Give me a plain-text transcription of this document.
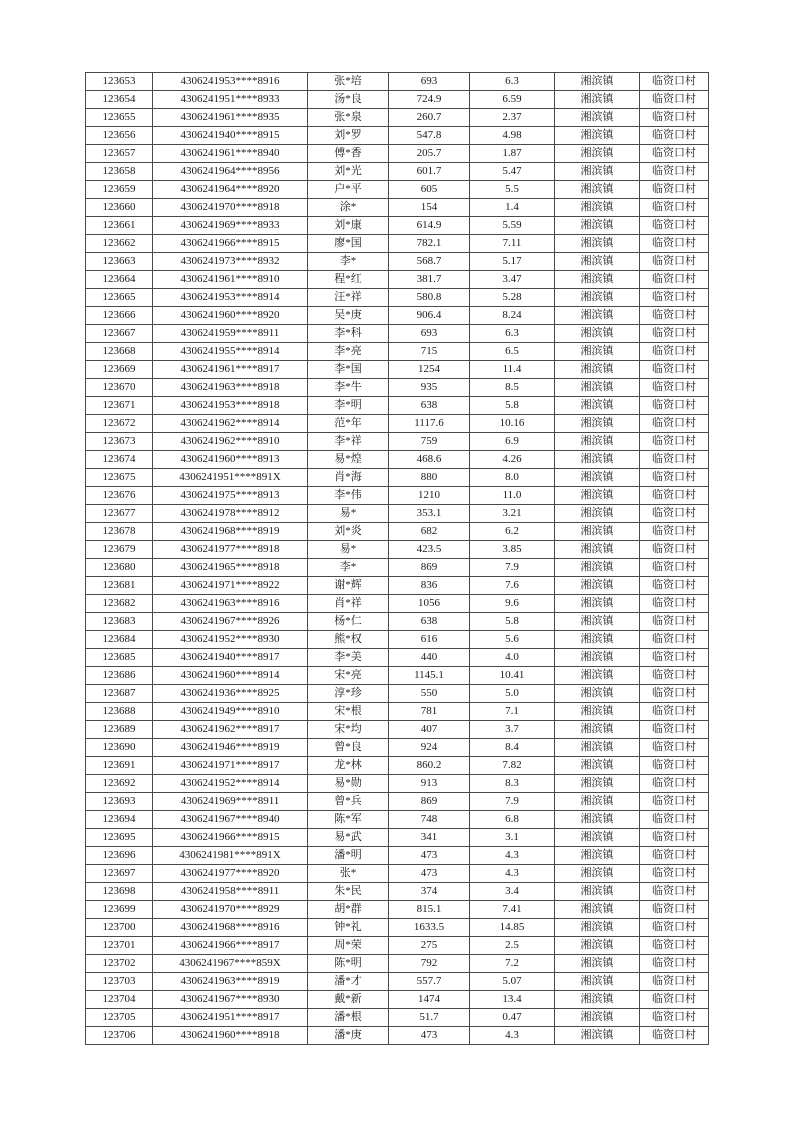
123653	4306241953****8916	张*培	693	6.3	湘滨镇	临资口村
123654	4306241951****8933	汤*良	724.9	6.59	湘滨镇	临资口村
123655	4306241961****8935	张*泉	260.7	2.37	湘滨镇	临资口村
123656	4306241940****8915	刘*罗	547.8	4.98	湘滨镇	临资口村
123657	4306241961****8940	傅*香	205.7	1.87	湘滨镇	临资口村
123658	4306241964****8956	刘*光	601.7	5.47	湘滨镇	临资口村
123659	4306241964****8920	户*平	605	5.5	湘滨镇	临资口村
123660	4306241970****8918	涂*	154	1.4	湘滨镇	临资口村
123661	4306241969****8933	刘*康	614.9	5.59	湘滨镇	临资口村
123662	4306241966****8915	廖*国	782.1	7.11	湘滨镇	临资口村
123663	4306241973****8932	李*	568.7	5.17	湘滨镇	临资口村
123664	4306241961****8910	程*红	381.7	3.47	湘滨镇	临资口村
123665	4306241953****8914	汪*祥	580.8	5.28	湘滨镇	临资口村
123666	4306241960****8920	吴*庚	906.4	8.24	湘滨镇	临资口村
123667	4306241959****8911	李*科	693	6.3	湘滨镇	临资口村
123668	4306241955****8914	李*亮	715	6.5	湘滨镇	临资口村
123669	4306241961****8917	李*国	1254	11.4	湘滨镇	临资口村
123670	4306241963****8918	李*牛	935	8.5	湘滨镇	临资口村
123671	4306241953****8918	李*明	638	5.8	湘滨镇	临资口村
123672	4306241962****8914	范*年	1117.6	10.16	湘滨镇	临资口村
123673	4306241962****8910	李*祥	759	6.9	湘滨镇	临资口村
123674	4306241960****8913	易*煌	468.6	4.26	湘滨镇	临资口村
123675	4306241951****891X	肖*海	880	8.0	湘滨镇	临资口村
123676	4306241975****8913	李*伟	1210	11.0	湘滨镇	临资口村
123677	4306241978****8912	易*	353.1	3.21	湘滨镇	临资口村
123678	4306241968****8919	刘*炎	682	6.2	湘滨镇	临资口村
123679	4306241977****8918	易*	423.5	3.85	湘滨镇	临资口村
123680	4306241965****8918	李*	869	7.9	湘滨镇	临资口村
123681	4306241971****8922	谢*辉	836	7.6	湘滨镇	临资口村
123682	4306241963****8916	肖*祥	1056	9.6	湘滨镇	临资口村
123683	4306241967****8926	杨*仁	638	5.8	湘滨镇	临资口村
123684	4306241952****8930	熊*权	616	5.6	湘滨镇	临资口村
123685	4306241940****8917	李*美	440	4.0	湘滨镇	临资口村
123686	4306241960****8914	宋*亮	1145.1	10.41	湘滨镇	临资口村
123687	4306241936****8925	淳*珍	550	5.0	湘滨镇	临资口村
123688	4306241949****8910	宋*根	781	7.1	湘滨镇	临资口村
123689	4306241962****8917	宋*均	407	3.7	湘滨镇	临资口村
123690	4306241946****8919	曾*良	924	8.4	湘滨镇	临资口村
123691	4306241971****8917	龙*林	860.2	7.82	湘滨镇	临资口村
123692	4306241952****8914	易*勋	913	8.3	湘滨镇	临资口村
123693	4306241969****8911	曾*兵	869	7.9	湘滨镇	临资口村
123694	4306241967****8940	陈*军	748	6.8	湘滨镇	临资口村
123695	4306241966****8915	易*武	341	3.1	湘滨镇	临资口村
123696	4306241981****891X	潘*明	473	4.3	湘滨镇	临资口村
123697	4306241977****8920	张*	473	4.3	湘滨镇	临资口村
123698	4306241958****8911	朱*民	374	3.4	湘滨镇	临资口村
123699	4306241970****8929	胡*群	815.1	7.41	湘滨镇	临资口村
123700	4306241968****8916	钟*礼	1633.5	14.85	湘滨镇	临资口村
123701	4306241966****8917	周*荣	275	2.5	湘滨镇	临资口村
123702	4306241967****859X	陈*明	792	7.2	湘滨镇	临资口村
123703	4306241963****8919	潘*才	557.7	5.07	湘滨镇	临资口村
123704	4306241967****8930	戴*新	1474	13.4	湘滨镇	临资口村
123705	4306241951****8917	潘*根	51.7	0.47	湘滨镇	临资口村
123706	4306241960****8918	潘*庚	473	4.3	湘滨镇	临资口村
